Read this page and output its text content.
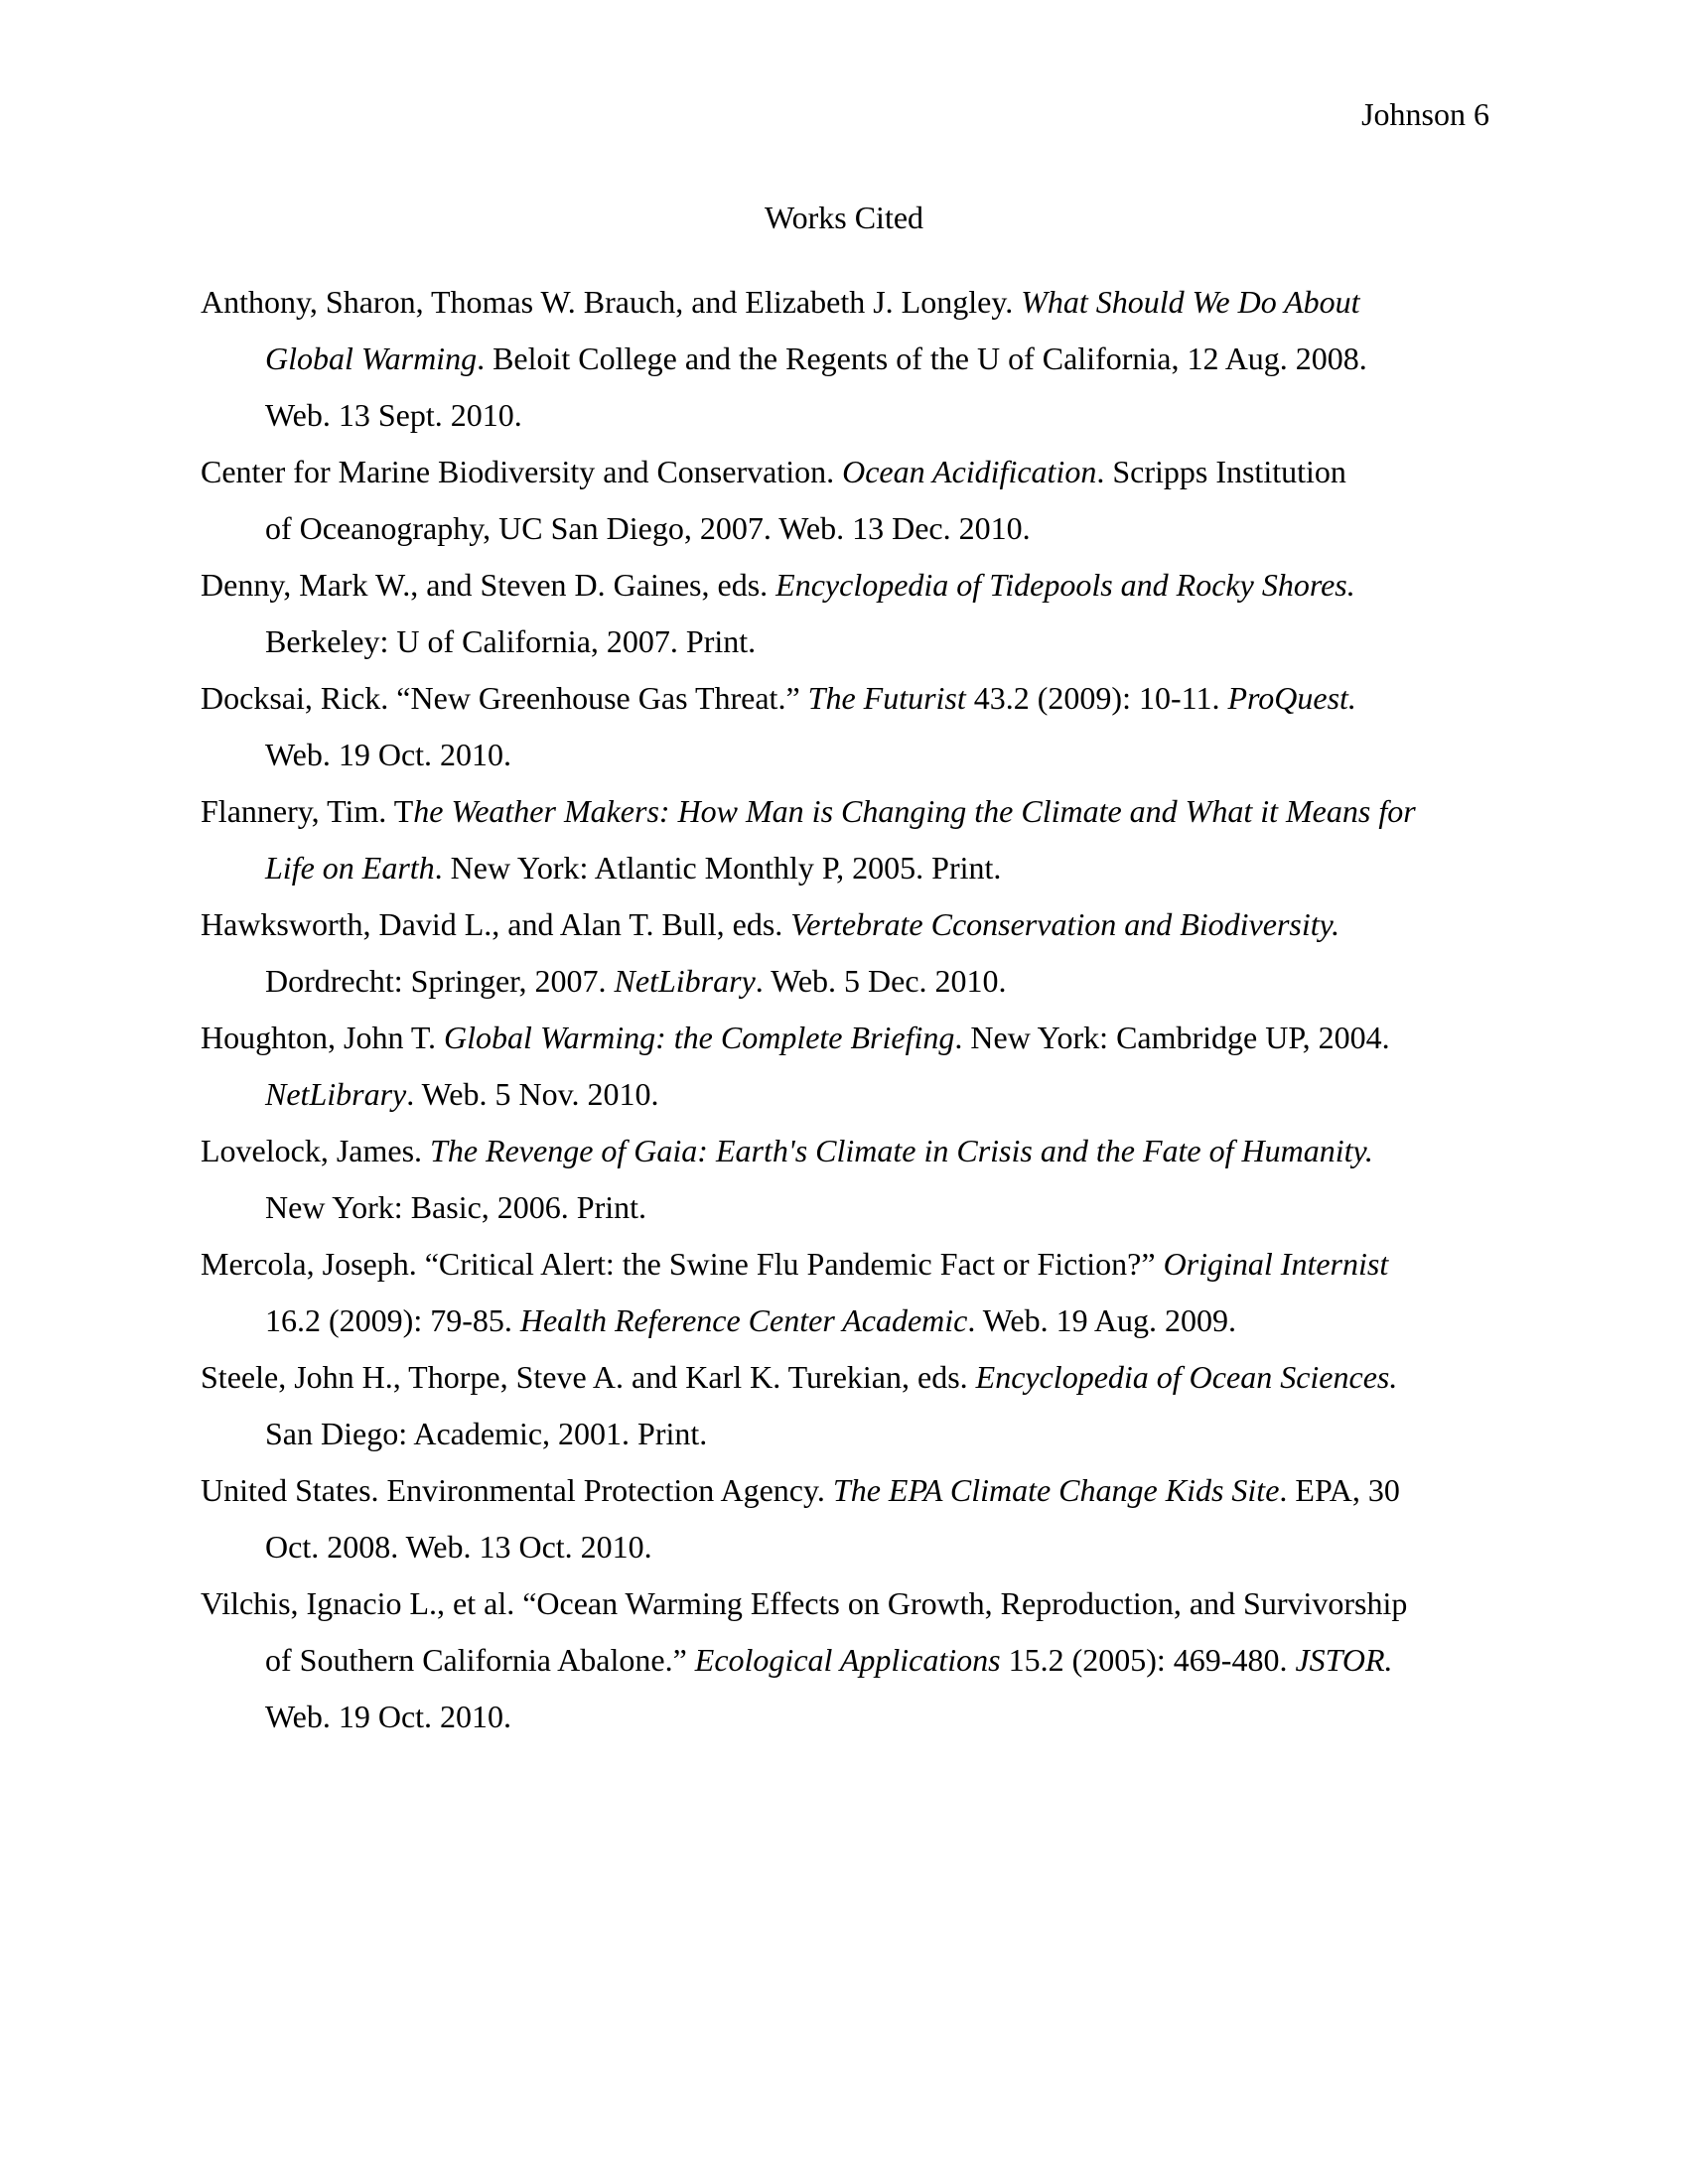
Johnson 6
Works Cited
Anthony, Sharon, Thomas W. Brauch, and Elizabeth J. Longley. What Should We Do About
Global Warming. Beloit College and the Regents of the U of California, 12 Aug. 2008.
Web. 13 Sept. 2010.
Center for Marine Biodiversity and Conservation. Ocean Acidification. Scripps Institution
of Oceanography, UC San Diego, 2007. Web. 13 Dec. 2010.
Denny, Mark W., and Steven D. Gaines, eds. Encyclopedia of Tidepools and Rocky Shores.
Berkeley: U of California, 2007. Print.
Docksai, Rick. “New Greenhouse Gas Threat.” The Futurist 43.2 (2009): 10-11. ProQuest.
Web. 19 Oct. 2010.
Flannery, Tim. The Weather Makers: How Man is Changing the Climate and What it Means for
Life on Earth. New York: Atlantic Monthly P, 2005. Print.
Hawksworth, David L., and Alan T. Bull, eds. Vertebrate Cconservation and Biodiversity.
Dordrecht: Springer, 2007. NetLibrary. Web. 5 Dec. 2010.
Houghton, John T. Global Warming: the Complete Briefing. New York: Cambridge UP, 2004.
NetLibrary. Web. 5 Nov. 2010.
Lovelock, James. The Revenge of Gaia: Earth's Climate in Crisis and the Fate of Humanity.
New York: Basic, 2006. Print.
Mercola, Joseph. “Critical Alert: the Swine Flu Pandemic Fact or Fiction?” Original Internist
16.2 (2009): 79-85. Health Reference Center Academic. Web. 19 Aug. 2009.
Steele, John H., Thorpe, Steve A. and Karl K. Turekian, eds. Encyclopedia of Ocean Sciences.
San Diego: Academic, 2001. Print.
United States. Environmental Protection Agency. The EPA Climate Change Kids Site. EPA, 30
Oct. 2008. Web. 13 Oct. 2010.
Vilchis, Ignacio L., et al. “Ocean Warming Effects on Growth, Reproduction, and Survivorship
of Southern California Abalone.” Ecological Applications 15.2 (2005): 469-480. JSTOR.
Web. 19 Oct. 2010.
